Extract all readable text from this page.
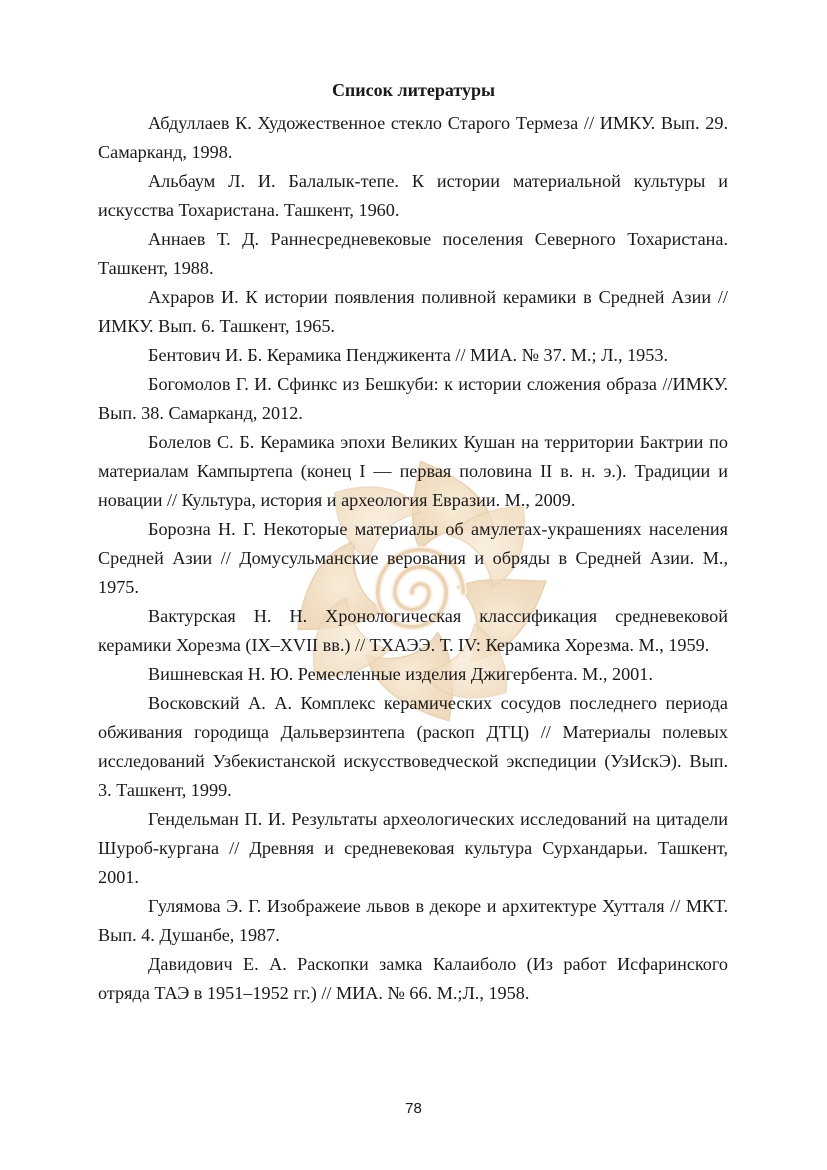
Список литературы
Абдуллаев К. Художественное стекло Старого Термеза // ИМКУ. Вып. 29. Самарканд, 1998.
Альбаум Л. И. Балалык-тепе. К истории материальной культуры и искусства Тохаристана. Ташкент, 1960.
Аннаев Т. Д. Раннесредневековые поселения Северного Тохаристана. Ташкент, 1988.
Ахраров И. К истории появления поливной керамики в Средней Азии //ИМКУ. Вып. 6. Ташкент, 1965.
Бентович И. Б. Керамика Пенджикента // МИА. № 37. М.; Л., 1953.
Богомолов Г. И. Сфинкс из Бешкуби: к истории сложения образа //ИМКУ. Вып. 38. Самарканд, 2012.
Болелов С. Б. Керамика эпохи Великих Кушан на территории Бактрии по материалам Кампыртепа (конец I — первая половина II в. н. э.). Традиции и новации // Культура, история и археология Евразии. М., 2009.
Борозна Н. Г. Некоторые материалы об амулетах-украшениях населения Средней Азии // Домусульманские верования и обряды в Средней Азии. М., 1975.
Вактурская Н. Н. Хронологическая классификация средневековой керамики Хорезма (IX–XVII вв.) // ТХАЭЭ. Т. IV: Керамика Хорезма. М., 1959.
Вишневская Н. Ю. Ремесленные изделия Джигербента. М., 2001.
Восковский А. А. Комплекс керамических сосудов последнего периода обживания городища Дальверзинтепа (раскоп ДТЦ) // Материалы полевых исследований Узбекистанской искусствоведческой экспедиции (УзИскЭ). Вып. 3. Ташкент, 1999.
Гендельман П. И. Результаты археологических исследований на цитадели Шуроб-кургана // Древняя и средневековая культура Сурхандарьи. Ташкент, 2001.
Гулямова Э. Г. Изображеие львов в декоре и архитектуре Хутталя // МКТ. Вып. 4. Душанбе, 1987.
Давидович Е. А. Раскопки замка Калаиболо (Из работ Исфаринского отряда ТАЭ в 1951–1952 гг.) // МИА. № 66. М.;Л., 1958.
78
